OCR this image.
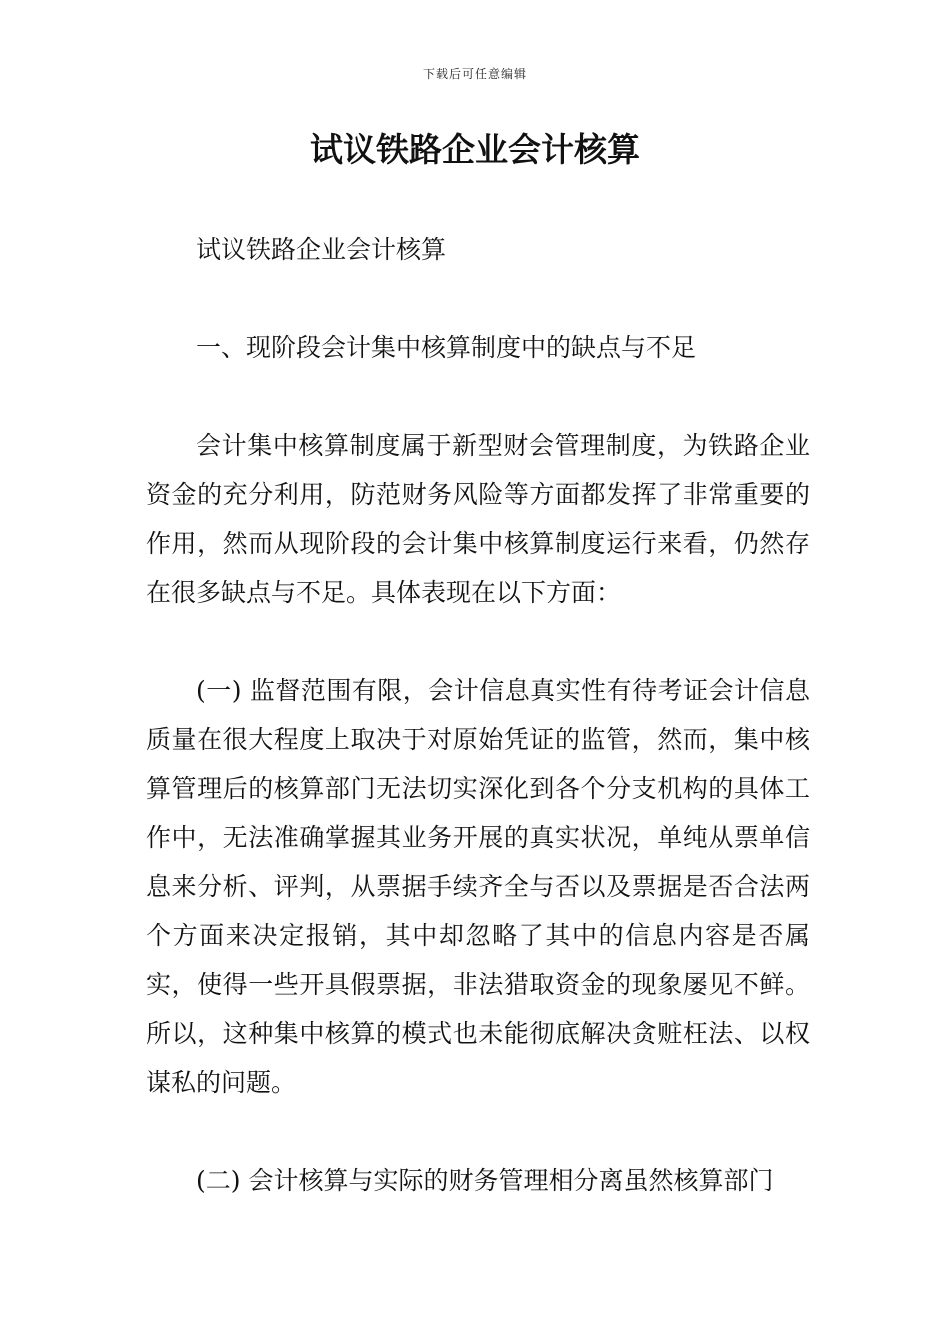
下载后可任意编辑
试议铁路企业会计核算

试议铁路企业会计核算

一、现阶段会计集中核算制度中的缺点与不足

会计集中核算制度属于新型财会管理制度，为铁路企业资金的充分利用，防范财务风险等方面都发挥了非常重要的作用，然而从现阶段的会计集中核算制度运行来看，仍然存在很多缺点与不足。具体表现在以下方面：

(一) 监督范围有限，会计信息真实性有待考证会计信息质量在很大程度上取决于对原始凭证的监管，然而，集中核算管理后的核算部门无法切实深化到各个分支机构的具体工作中，无法准确掌握其业务开展的真实状况，单纯从票单信息来分析、评判，从票据手续齐全与否以及票据是否合法两个方面来决定报销，其中却忽略了其中的信息内容是否属实，使得一些开具假票据，非法猎取资金的现象屡见不鲜。所以，这种集中核算的模式也未能彻底解决贪赃枉法、以权谋私的问题。

(二) 会计核算与实际的财务管理相分离虽然核算部门
